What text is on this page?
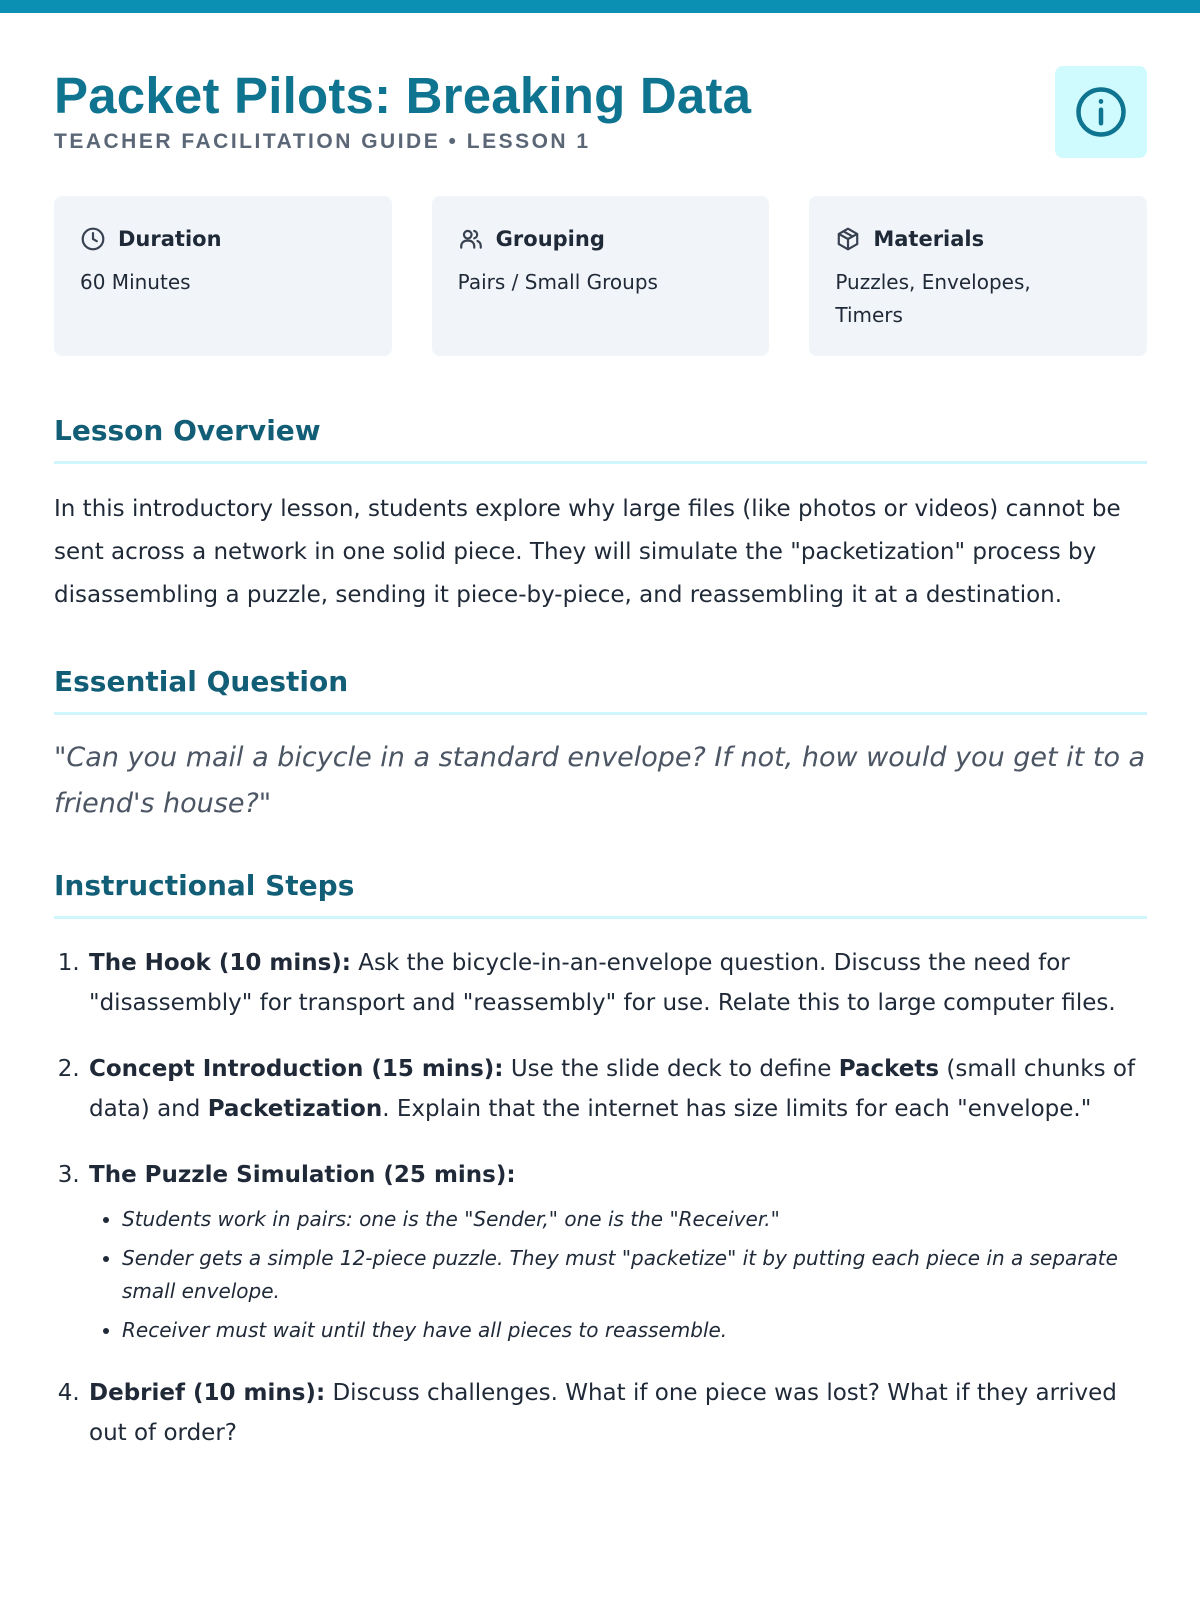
Packet Pilots: Breaking Data
TEACHER FACILITATION GUIDE • LESSON 1
Duration
60 Minutes
Grouping
Pairs / Small Groups
Materials
Puzzles, Envelopes, Timers
Lesson Overview

In this introductory lesson, students explore why large files (like photos or videos) cannot be sent across a network in one solid piece. They will simulate the "packetization" process by disassembling a puzzle, sending it piece-by-piece, and reassembling it at a destination.

Essential Question

"Can you mail a bicycle in a standard envelope? If not, how would you get it to a friend's house?"

Instructional Steps
1. The Hook (10 mins): Ask the bicycle-in-an-envelope question. Discuss the need for "disassembly" for transport and "reassembly" for use. Relate this to large computer files.
2. Concept Introduction (15 mins): Use the slide deck to define Packets (small chunks of data) and Packetization. Explain that the internet has size limits for each "envelope."
3. The Puzzle Simulation (25 mins):
• Students work in pairs: one is the "Sender," one is the "Receiver."
• Sender gets a simple 12-piece puzzle. They must "packetize" it by putting each piece in a separate small envelope.
• Receiver must wait until they have all pieces to reassemble.
4. Debrief (10 mins): Discuss challenges. What if one piece was lost? What if they arrived out of order?
